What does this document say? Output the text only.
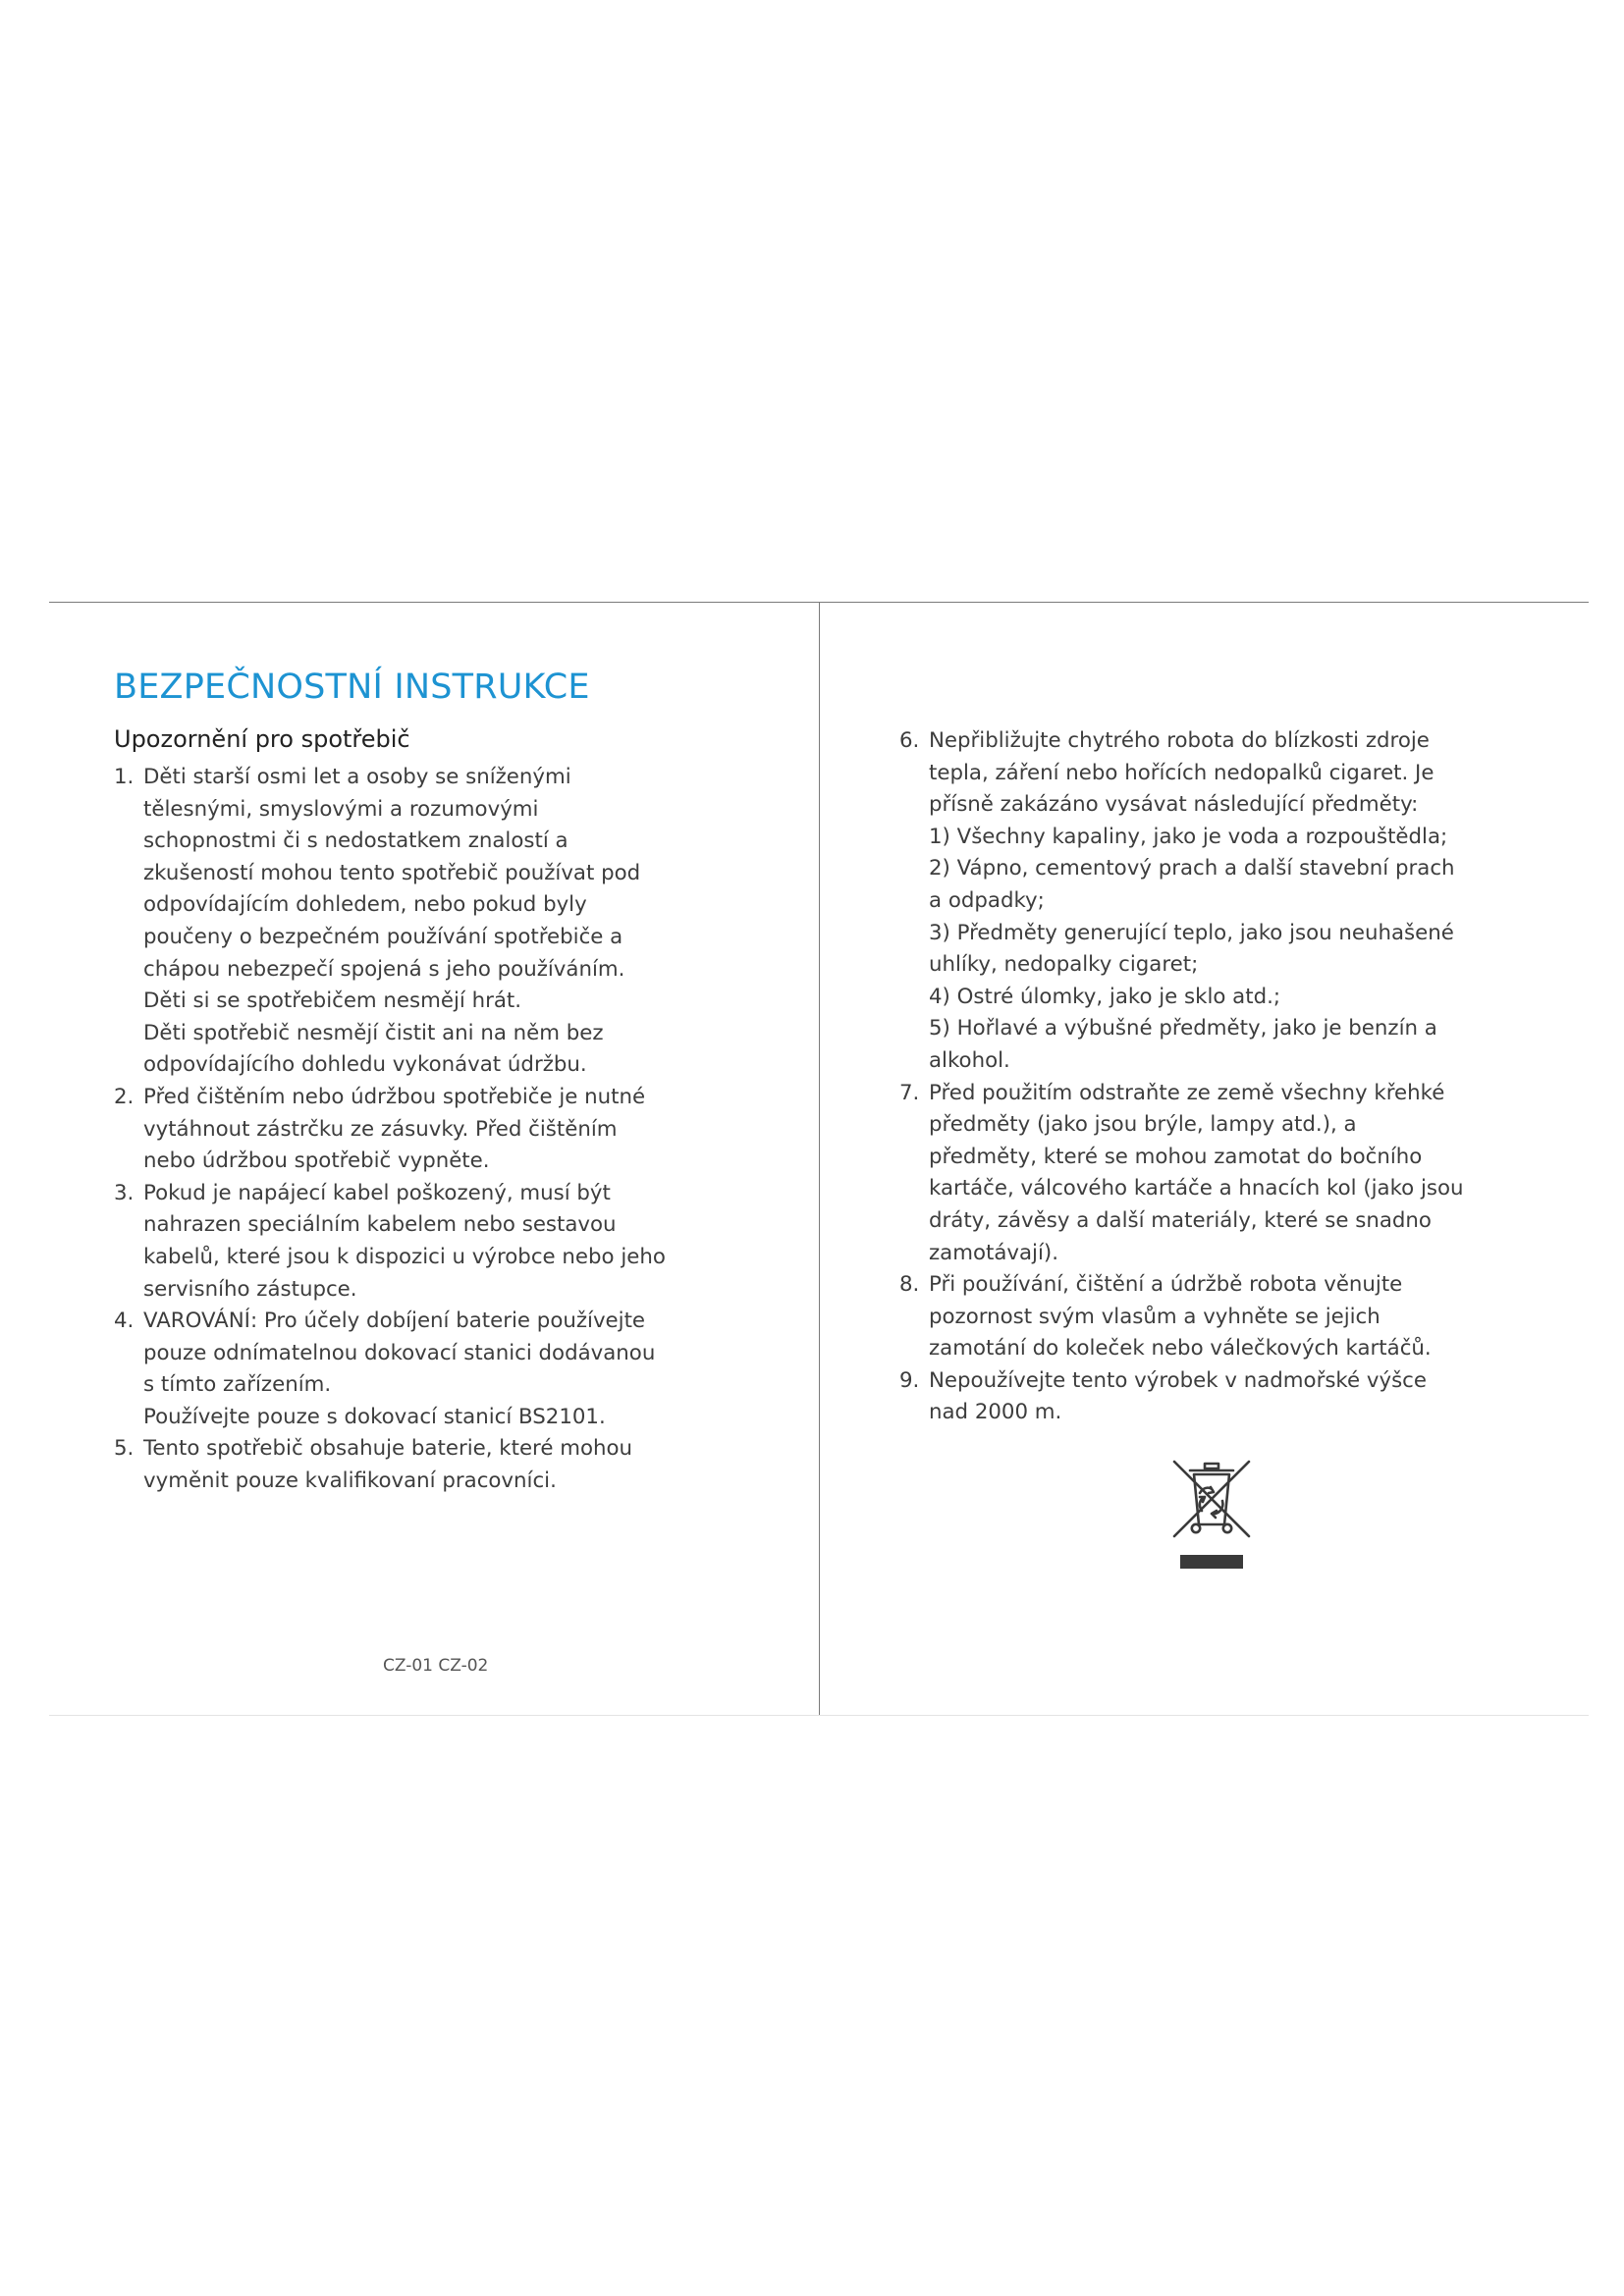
BEZPEČNOSTNÍ INSTRUKCE
Upozornění pro spotřebič
1. Děti starší osmi let a osoby se sníženými
tělesnými, smyslovými a rozumovými
schopnostmi či s nedostatkem znalostí a
zkušeností mohou tento spotřebič používat pod
odpovídajícím dohledem, nebo pokud byly
poučeny o bezpečném používání spotřebiče a
chápou nebezpečí spojená s jeho používáním.
Děti si se spotřebičem nesmějí hrát.
Děti spotřebič nesmějí čistit ani na něm bez
odpovídajícího dohledu vykonávat údržbu.
2. Před čištěním nebo údržbou spotřebiče je nutné
vytáhnout zástrčku ze zásuvky. Před čištěním
nebo údržbou spotřebič vypněte.
3. Pokud je napájecí kabel poškozený, musí být
nahrazen speciálním kabelem nebo sestavou
kabelů, které jsou k dispozici u výrobce nebo jeho
servisního zástupce.
4. VAROVÁNÍ: Pro účely dobíjení baterie používejte
pouze odnímatelnou dokovací stanici dodávanou
s tímto zařízením.
Používejte pouze s dokovací stanicí BS2101.
5. Tento spotřebič obsahuje baterie, které mohou
vyměnit pouze kvalifikovaní pracovníci.
6. Nepřibližujte chytrého robota do blízkosti zdroje
tepla, záření nebo hořících nedopalků cigaret. Je
přísně zakázáno vysávat následující předměty:
1) Všechny kapaliny, jako je voda a rozpouštědla;
2) Vápno, cementový prach a další stavební prach
a odpadky;
3) Předměty generující teplo, jako jsou neuhašené
uhlíky, nedopalky cigaret;
4) Ostré úlomky, jako je sklo atd.;
5) Hořlavé a výbušné předměty, jako je benzín a
alkohol.
7. Před použitím odstraňte ze země všechny křehké
předměty (jako jsou brýle, lampy atd.), a
předměty, které se mohou zamotat do bočního
kartáče, válcového kartáče a hnacích kol (jako jsou
dráty, závěsy a další materiály, které se snadno
zamotávají).
8. Při používání, čištění a údržbě robota věnujte
pozornost svým vlasům a vyhněte se jejich
zamotání do koleček nebo válečkových kartáčů.
9. Nepoužívejte tento výrobek v nadmořské výšce
nad 2000 m.
CZ-01 CZ-02
